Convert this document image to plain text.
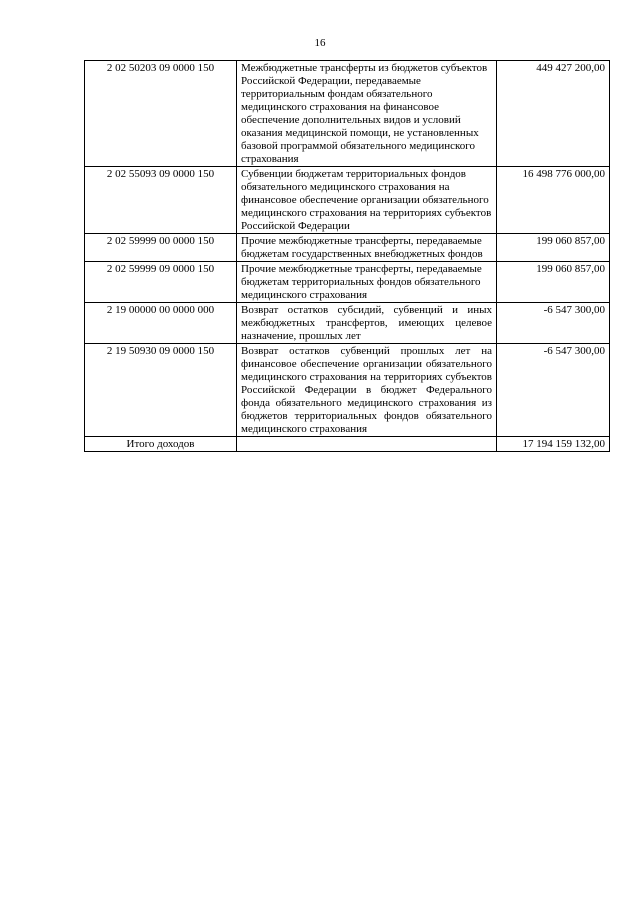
16
2 02 50203 09 0000 150	Межбюджетные трансферты из бюджетов субъектов Российской Федерации, передаваемые территориальным фондам обязательного медицинского страхования на финансовое обеспечение дополнительных видов и условий оказания медицинской помощи, не установленных базовой программой обязательного медицинского страхования	449 427 200,00
2 02 55093 09 0000 150	Субвенции бюджетам территориальных фондов обязательного медицинского страхования на финансовое обеспечение организации обязательного медицинского страхования на территориях субъектов Российской Федерации	16 498 776 000,00
2 02 59999 00 0000 150	Прочие межбюджетные трансферты, передаваемые бюджетам государственных внебюджетных фондов	199 060 857,00
2 02 59999 09 0000 150	Прочие межбюджетные трансферты, передаваемые бюджетам территориальных фондов обязательного медицинского страхования	199 060 857,00
2 19 00000 00 0000 000	Возврат остатков субсидий, субвенций и иных межбюджетных трансфертов, имеющих целевое назначение, прошлых лет	-6 547 300,00
2 19 50930 09 0000 150	Возврат остатков субвенций прошлых лет на финансовое обеспечение организации обязательного медицинского страхования на территориях субъектов Российской Федерации в бюджет Федерального фонда обязательного медицинского страхования из бюджетов территориальных фондов обязательного медицинского страхования	-6 547 300,00
Итого доходов		17 194 159 132,00
